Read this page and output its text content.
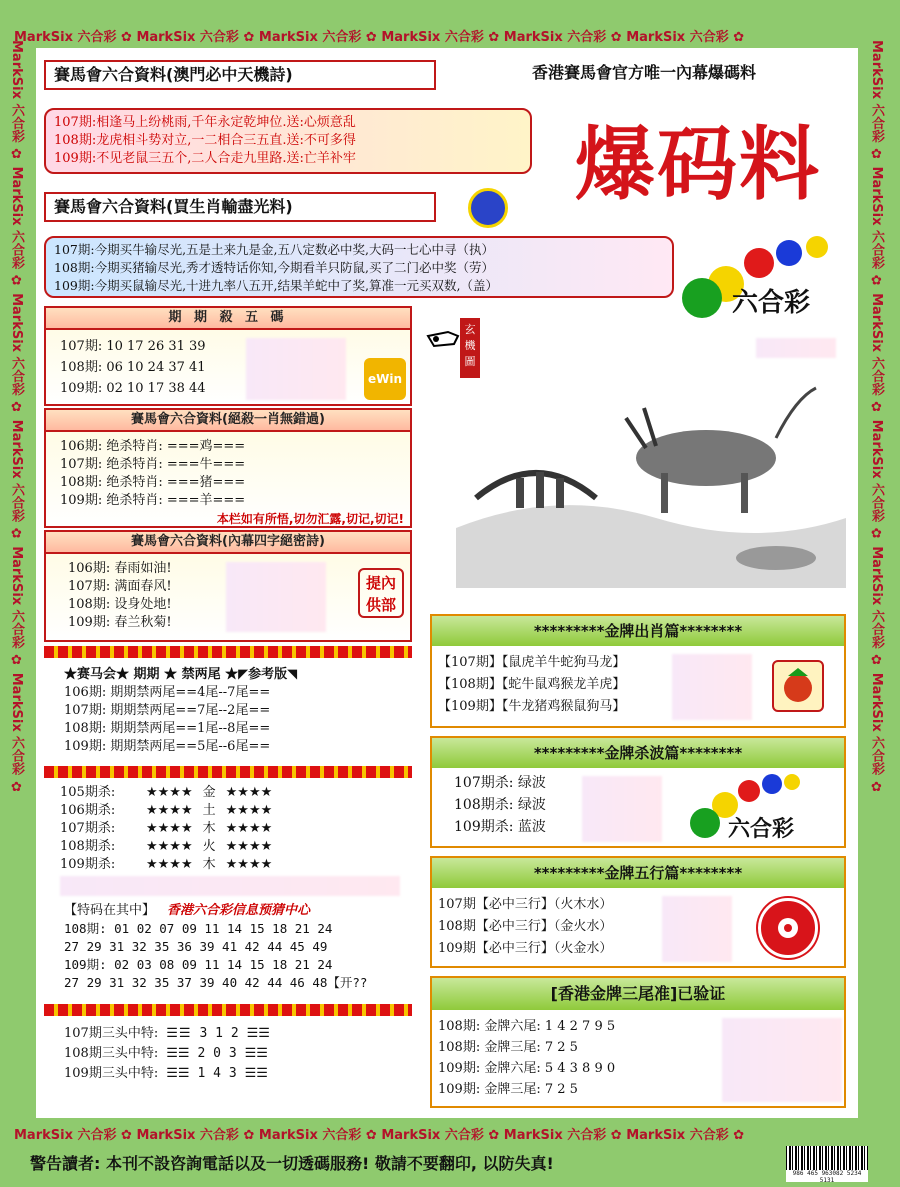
MarkSix 六合彩 ✿ MarkSix 六合彩 ✿ MarkSix 六合彩 ✿ MarkSix 六合彩 ✿ MarkSix 六合彩 ✿ MarkSix 六合彩 ✿
MarkSix 六合彩 ✿ MarkSix 六合彩 ✿ MarkSix 六合彩 ✿ MarkSix 六合彩 ✿ MarkSix 六合彩 ✿ MarkSix 六合彩 ✿
MarkSix 六合彩 ✿ MarkSix 六合彩 ✿ MarkSix 六合彩 ✿ MarkSix 六合彩 ✿ MarkSix 六合彩 ✿ MarkSix 六合彩 ✿	MarkSix 六合彩 ✿ MarkSix 六合彩 ✿ MarkSix 六合彩 ✿ MarkSix 六合彩 ✿ MarkSix 六合彩 ✿ MarkSix 六合彩 ✿
賽馬會六合資料(澳門必中天機詩)	香港賽馬會官方唯一內幕爆碼料
107期:相逢马上纷桃雨,千年永定乾坤位.送:心烦意乱
108期:龙虎相斗势对立,一二相合三五直.送:不可多得
109期:不见老鼠三五个,二人合走九里路.送:亡羊补牢	爆码料
賽馬會六合資料(買生肖輸盡光料)
107期:今期买牛输尽光,五是土来九是金,五八定数必中奖,大码一七心中寻（执）
108期:今期买猪输尽光,秀才透特话你知,今期看羊只防鼠,买了二门必中奖（劳）
109期:今期买鼠输尽光,十进九率八五开,结果羊蛇中了奖,算准一元买双数,（盖）
六合彩
期 期 殺 五 碼
107期: 10 17 26 31 39
108期: 06 10 24 37 41
109期: 02 10 17 38 44
eWin
賽馬會六合資料(絕殺一肖無錯過)
106期: 绝杀特肖: ===鸡===
107期: 绝杀特肖: ===牛===
108期: 绝杀特肖: ===猪===
109期: 绝杀特肖: ===羊===
本栏如有所悟,切勿汇露,切记,切记!
賽馬會六合資料(內幕四字絕密詩)
106期: 春雨如油!
107期: 满面春风!
108期: 设身处地!
109期: 春兰秋菊!
提內供部
★赛马会★ 期期 ★ 禁两尾 ★◤参考版◥
106期: 期期禁两尾==4尾--7尾==
107期: 期期禁两尾==7尾--2尾==
108期: 期期禁两尾==1尾--8尾==
109期: 期期禁两尾==5尾--6尾==
105期杀:	★★★★ 金 ★★★★
106期杀:	★★★★ 土 ★★★★
107期杀:	★★★★ 木 ★★★★
108期杀:	★★★★ 火 ★★★★
109期杀:	★★★★ 木 ★★★★
【特码在其中】 香港六合彩信息预猜中心
108期: 01 02 07 09 11 14 15 18 21 24
27 29 31 32 35 36 39 41 42 44 45 49
109期: 02 03 08 09 11 14 15 18 21 24
27 29 31 32 35 37 39 40 42 44 46 48【开??
107期三头中特: ☰☰ 3 1 2 ☰☰
108期三头中特: ☰☰ 2 0 3 ☰☰
109期三头中特: ☰☰ 1 4 3 ☰☰
玄機圖
*********金牌出肖篇********
【107期】【鼠虎羊牛蛇狗马龙】
【108期】【蛇牛鼠鸡猴龙羊虎】
【109期】【牛龙猪鸡猴鼠狗马】
*********金牌杀波篇********
107期杀: 绿波
108期杀: 绿波
109期杀: 蓝波	六合彩
*********金牌五行篇********
107期【必中三行】（火木水）
108期【必中三行】（金火水）
109期【必中三行】（火金水）
[香港金牌三尾准]已验证
108期: 金牌六尾: 1 4 2 7 9 5
108期: 金牌三尾: 7 2 5
109期: 金牌六尾: 5 4 3 8 9 0
109期: 金牌三尾: 7 2 5
警告讀者: 本刊不設咨詢電話以及一切透碼服務! 敬請不要翻印, 以防失真!
986 465 963082 5234 5131
